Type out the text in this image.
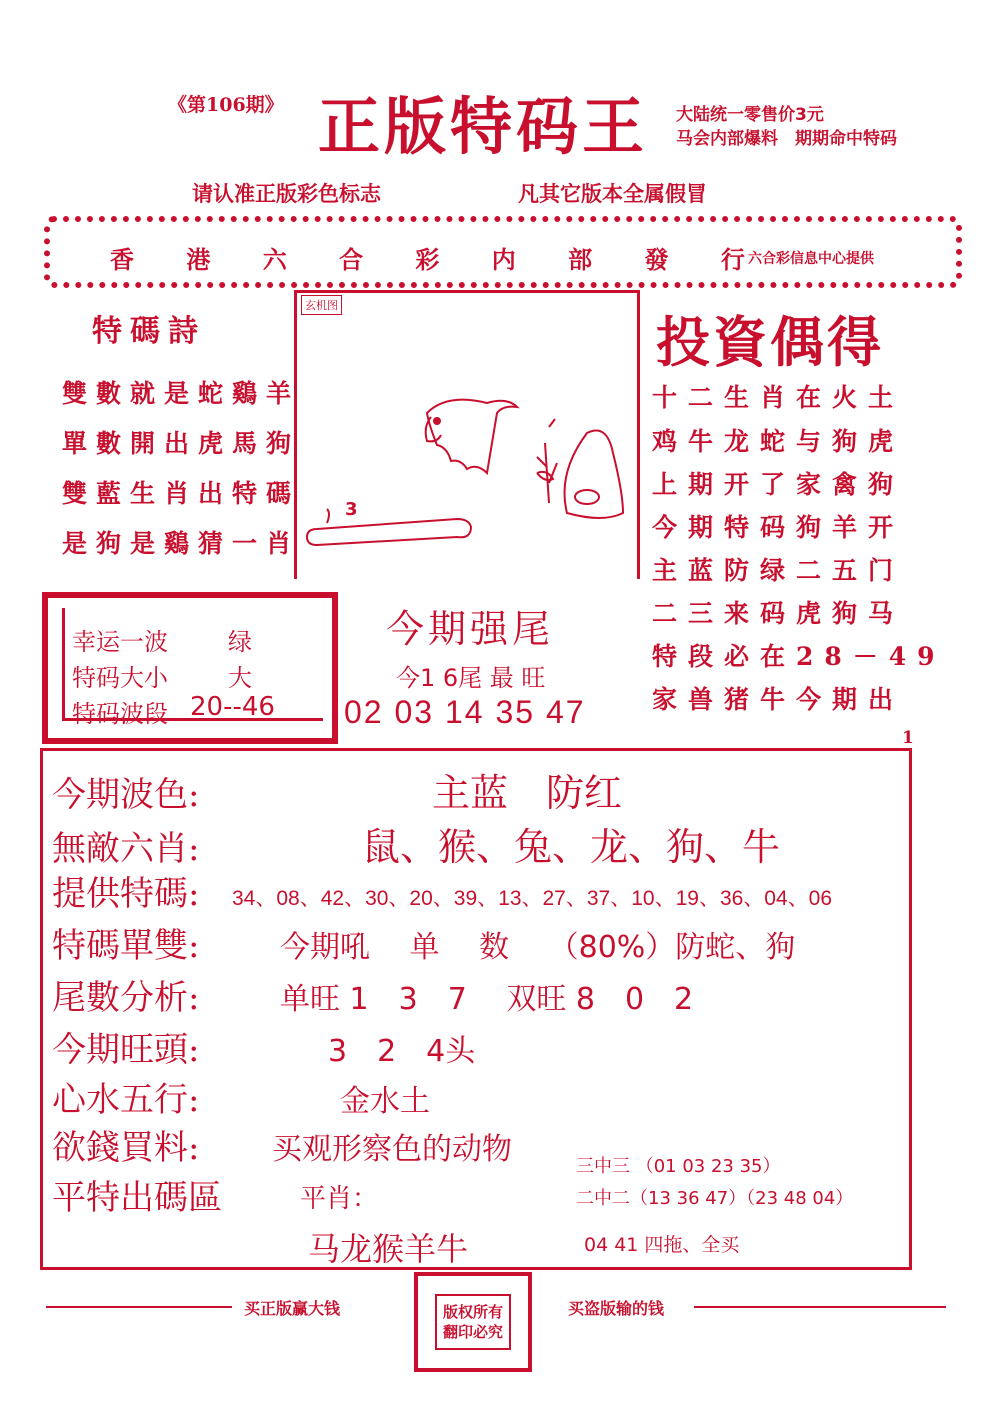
《第106期》 正版特码王 大陆统一零售价3元
马会内部爆料　期期命中特码
请认准正版彩色标志	凡其它版本全属假冒
香 港 六 合 彩 内 部 發 行
六合彩信息中心提供
特碼詩
雙數就是蛇鷄羊
單數開出虎馬狗
雙藍生肖出特碼
是狗是鷄猜一肖
玄机图
3
投資偶得
十二生肖在火土
鸡牛龙蛇与狗虎
上期开了家禽狗
今期特码狗羊开
主蓝防绿二五门
二三来码虎狗马
特段必在28－49
家兽猪牛今期出
幸运一波	绿
特码大小	大
特码波段 20--46
今期强尾
今1 6尾 最 旺
02 03 14 35 47
1
今期波色:	主蓝　防红
無敵六肖:	鼠、猴、兔、龙、狗、牛
提供特碼:	34、08、42、30、20、39、13、27、37、10、19、36、04、06
特碼單雙:	今期吼　 单　 数　 （80%）防蛇、狗
尾數分析:	单旺 1　3　7　 双旺 8　0　2
今期旺頭:	3　2　4头
心水五行:	金水土
欲錢買料:	买观形察色的动物
平特出碼區	平肖：
马龙猴羊牛
三中三 （01 03 23 35）
二中二（13 36 47）（23 48 04）
04 41 四拖、全买
买正版赢大钱	版权所有
翻印必究
买盗版输的钱
